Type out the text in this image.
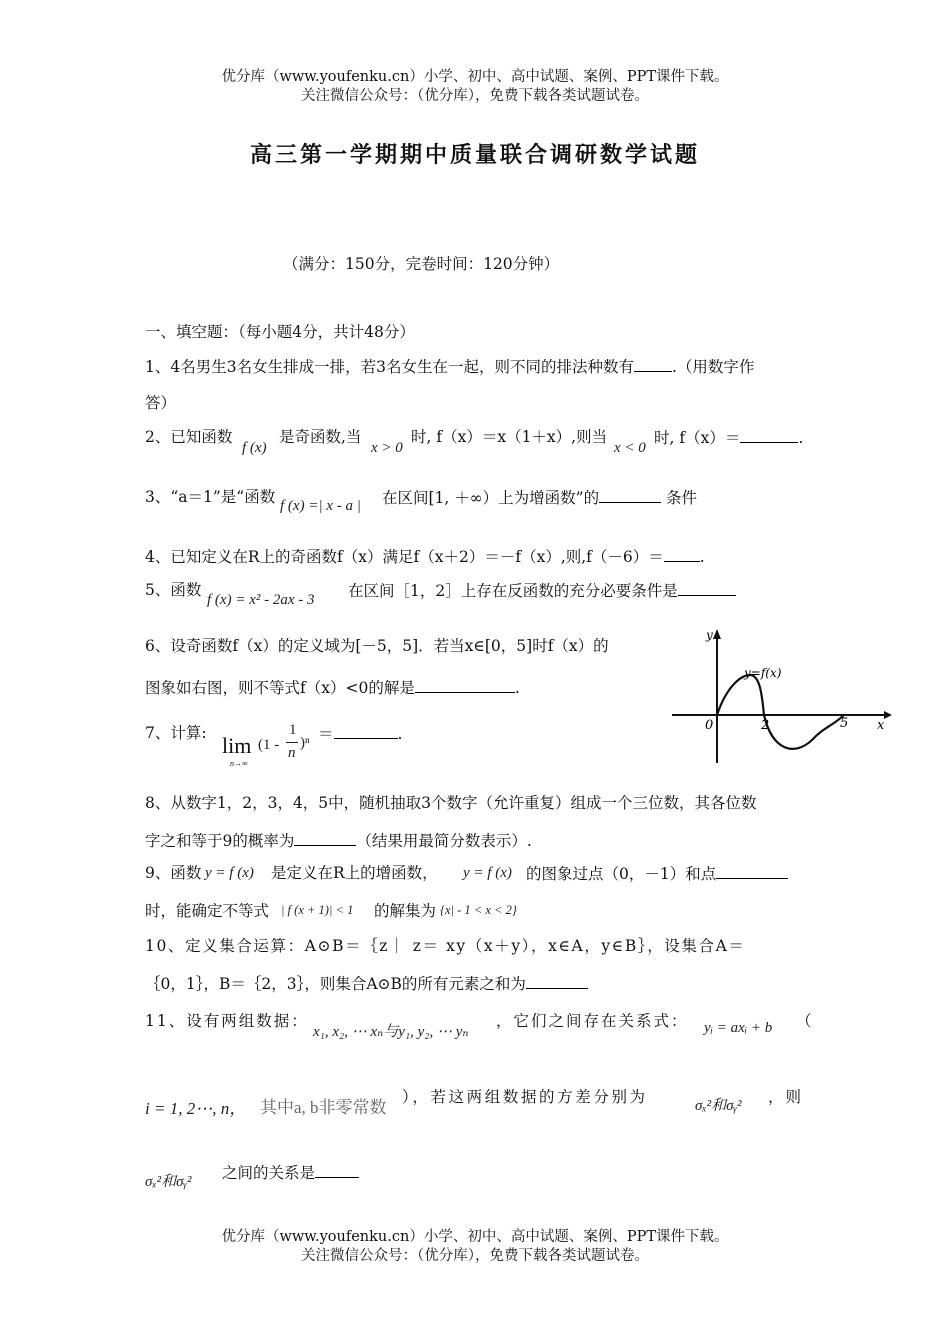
优分库（www.youfenku.cn）小学、初中、高中试题、案例、PPT课件下载。
关注微信公众号：（优分库），免费下载各类试题试卷。
高三第一学期期中质量联合调研数学试题
（满分：150分，完卷时间：120分钟）
一、填空题：（每小题4分，共计48分）
1、4名男生3名女生排成一排，若3名女生在一起，则不同的排法种数有 .（用数字作
答）
2、已知函数
f (x)
是奇函数,当
x > 0
时, f（x）＝x（1＋x）,则当
x < 0
时, f（x）＝	.
3、“a＝1”是“函数 f (x) =| x - a | 在区间[1, ＋∞）上为增函数”的	条件
4、已知定义在R上的奇函数f（x）满足f（x＋2）＝－f（x）,则,f（－6）＝ .
5、函数
f (x) = x² - 2ax - 3 在区间［1，2］上存在反函数的充分必要条件是
6、设奇函数f（x）的定义域为[－5，5]．若当x∈[0，5]时f（x）的
图象如右图，则不等式f（x）<0的解是	.
y
x
y=f(x)
0	2	5
7、计算: lim
n→∞
(1 -
1
n
)ⁿ ＝	.
8、从数字1，2，3，4，5中，随机抽取3个数字（允许重复）组成一个三位数，其各位数
字之和等于9的概率为	（结果用最简分数表示）.
9、函数 y = f (x) 是定义在R上的增函数， y = f (x) 的图象过点（0，－1）和点
时，能确定不等式 | f (x + 1)| < 1 的解集为 {x| - 1 < x < 2}
10、定义集合运算：A⊙B＝｛z｜ z＝ xy（x＋y），x∈A，y∈B｝，设集合A＝
｛0，1｝，B＝｛2，3｝，则集合A⊙B的所有元素之和为
11、设有两组数据：
x₁, x₂, ⋯ xₙ与y₁, y₂, ⋯ yₙ
，它们之间存在关系式： yᵢ = axᵢ + b （
i = 1, 2⋯, n， 其中a, b非零常数
），若这两组数据的方差分别为	σₓ²和σᵧ² ，则
σₓ²和σᵧ² 之间的关系是
优分库（www.youfenku.cn）小学、初中、高中试题、案例、PPT课件下载。
关注微信公众号：（优分库），免费下载各类试题试卷。
